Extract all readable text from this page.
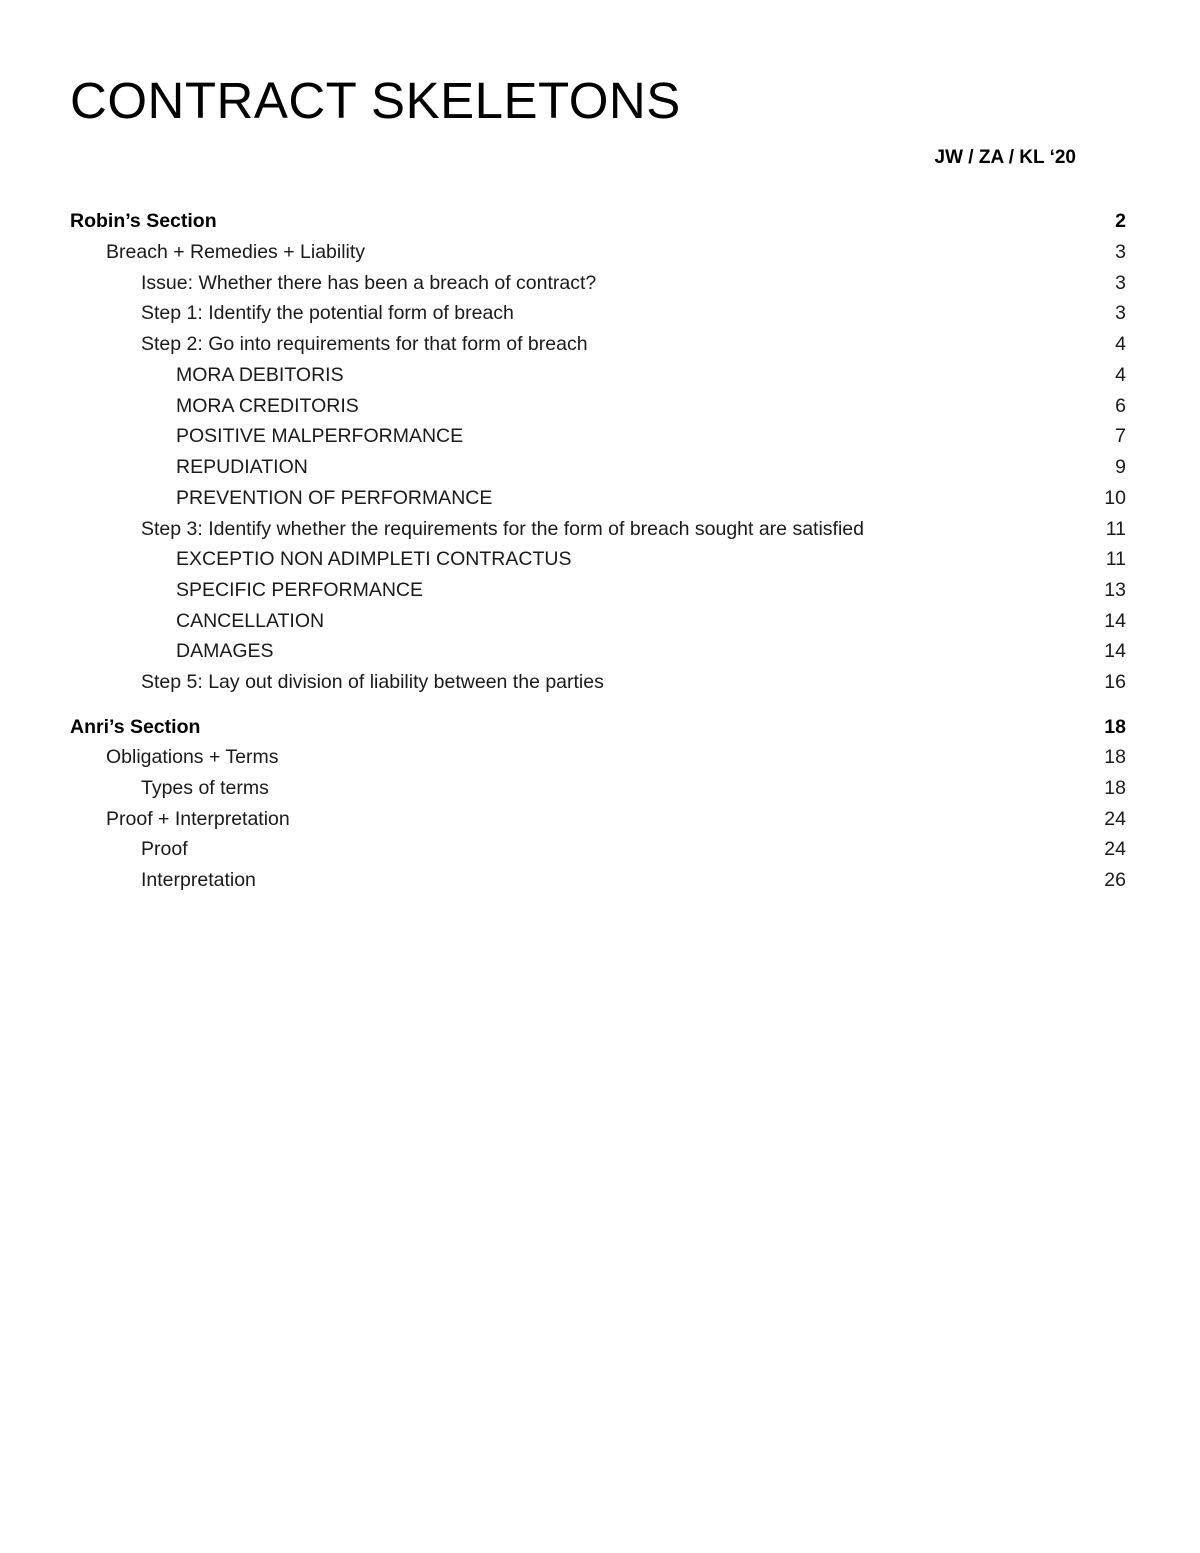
CONTRACT SKELETONS
JW / ZA / KL ‘20
Robin’s Section	2
Breach + Remedies + Liability	3
Issue: Whether there has been a breach of contract?	3
Step 1: Identify the potential form of breach	3
Step 2: Go into requirements for that form of breach	4
MORA DEBITORIS	4
MORA CREDITORIS	6
POSITIVE MALPERFORMANCE	7
REPUDIATION	9
PREVENTION OF PERFORMANCE	10
Step 3: Identify whether the requirements for the form of breach sought are satisfied	11
EXCEPTIO NON ADIMPLETI CONTRACTUS	11
SPECIFIC PERFORMANCE	13
CANCELLATION	14
DAMAGES	14
Step 5: Lay out division of liability between the parties	16
Anri’s Section	18
Obligations + Terms	18
Types of terms	18
Proof + Interpretation	24
Proof	24
Interpretation	26
